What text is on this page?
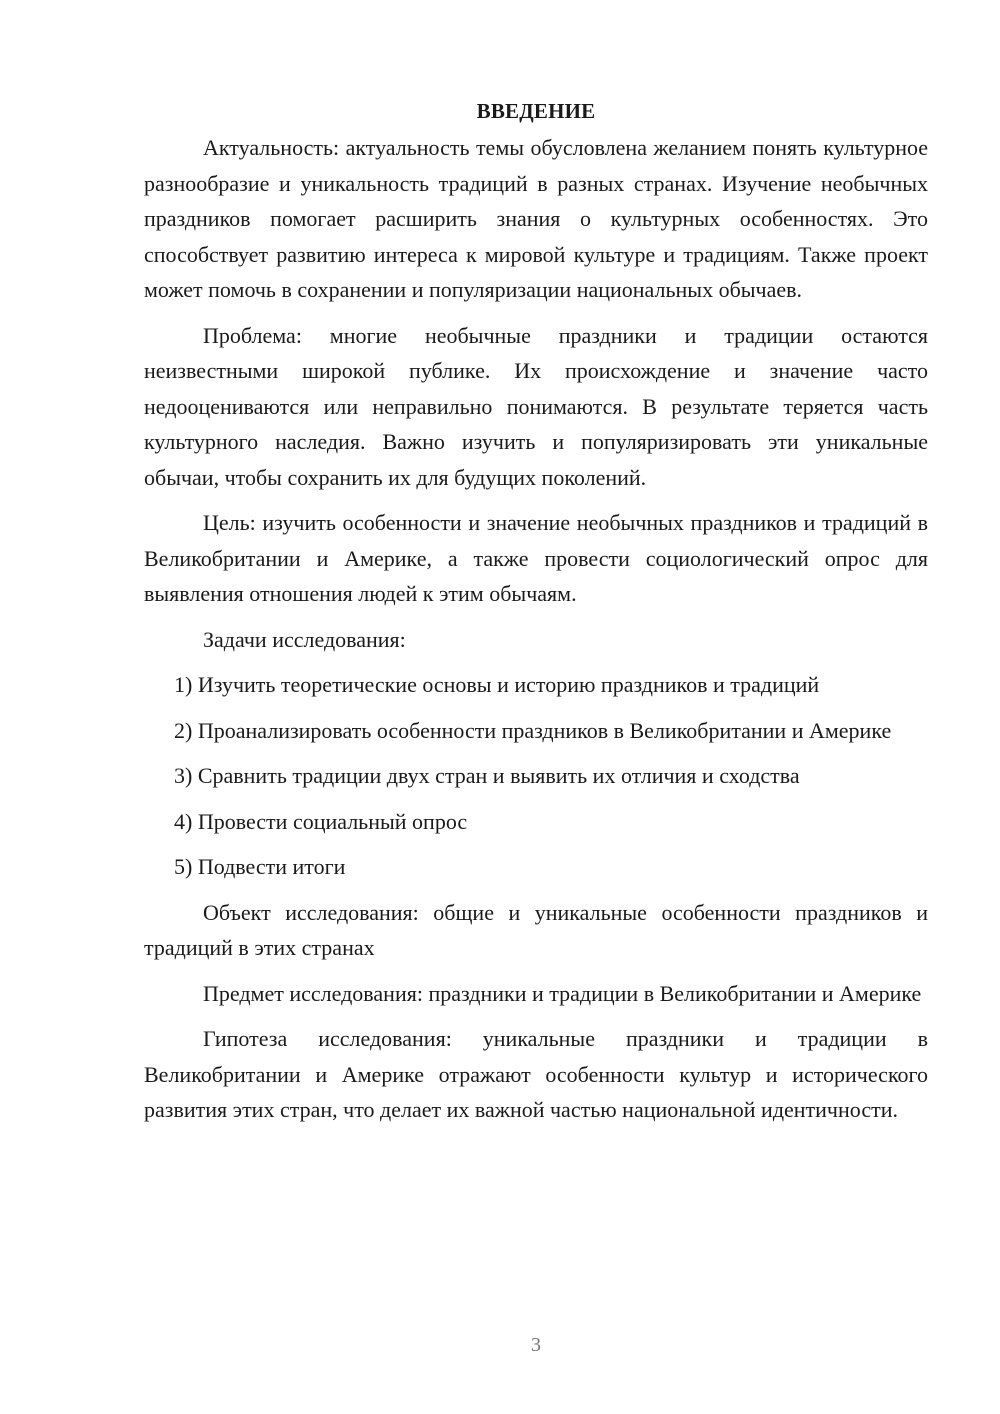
ВВЕДЕНИЕ

Актуальность: актуальность темы обусловлена желанием понять культурное разнообразие и уникальность традиций в разных странах. Изучение необычных праздников помогает расширить знания о культурных особенностях. Это способствует развитию интереса к мировой культуре и традициям. Также проект может помочь в сохранении и популяризации национальных обычаев.

Проблема: многие необычные праздники и традиции остаются неизвестными широкой публике. Их происхождение и значение часто недооцениваются или неправильно понимаются. В результате теряется часть культурного наследия. Важно изучить и популяризировать эти уникальные обычаи, чтобы сохранить их для будущих поколений.

Цель: изучить особенности и значение необычных праздников и традиций в Великобритании и Америке, а также провести социологический опрос для выявления отношения людей к этим обычаям.

Задачи исследования:

1) Изучить теоретические основы и историю праздников и традиций

2) Проанализировать особенности праздников в Великобритании и Америке

3) Сравнить традиции двух стран и выявить их отличия и сходства

4) Провести социальный опрос

5) Подвести итоги

Объект исследования: общие и уникальные особенности праздников и традиций в этих странах

Предмет исследования: праздники и традиции в Великобритании и Америке

Гипотеза исследования: уникальные праздники и традиции в Великобритании и Америке отражают особенности культур и исторического развития этих стран, что делает их важной частью национальной идентичности.

3
